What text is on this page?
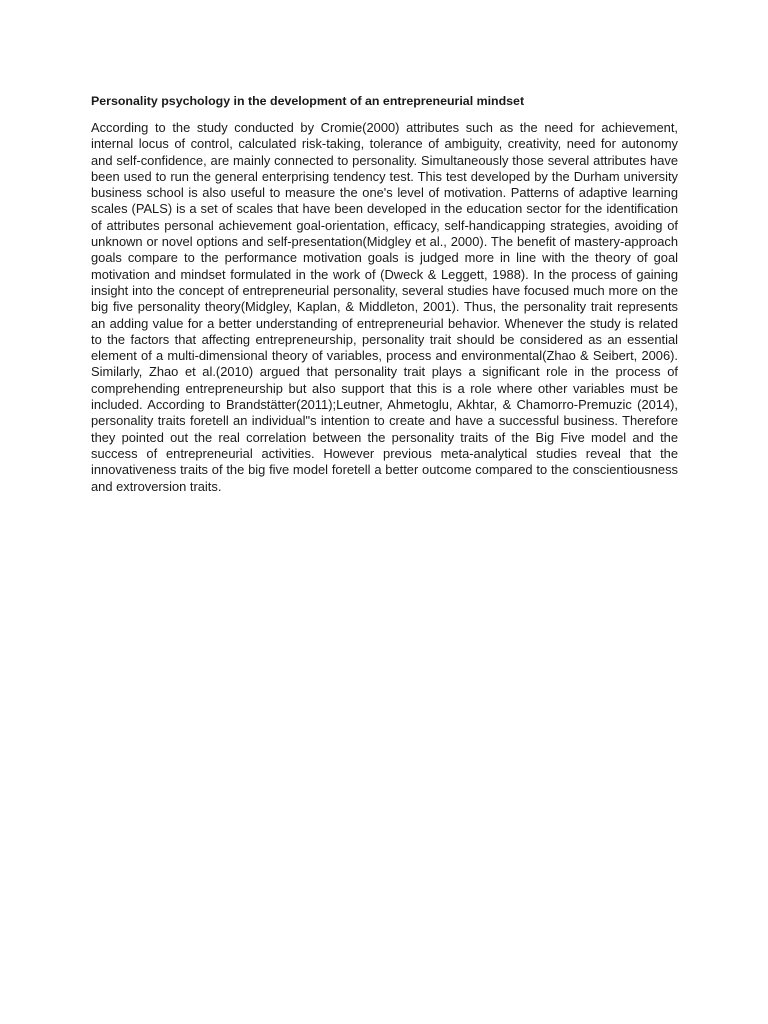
Personality psychology in the development of an entrepreneurial mindset

According to the study conducted by Cromie(2000) attributes such as the need for achievement, internal locus of control, calculated risk-taking, tolerance of ambiguity, creativity, need for autonomy and self-confidence, are mainly connected to personality. Simultaneously those several attributes have been used to run the general enterprising tendency test. This test developed by the Durham university business school is also useful to measure the one's level of motivation. Patterns of adaptive learning scales (PALS) is a set of scales that have been developed in the education sector for the identification of attributes personal achievement goal-orientation, efficacy, self-handicapping strategies, avoiding of unknown or novel options and self-presentation(Midgley et al., 2000). The benefit of mastery-approach goals compare to the performance motivation goals is judged more in line with the theory of goal motivation and mindset formulated in the work of (Dweck & Leggett, 1988). In the process of gaining insight into the concept of entrepreneurial personality, several studies have focused much more on the big five personality theory(Midgley, Kaplan, & Middleton, 2001). Thus, the personality trait represents an adding value for a better understanding of entrepreneurial behavior. Whenever the study is related to the factors that affecting entrepreneurship, personality trait should be considered as an essential element of a multi-dimensional theory of variables, process and environmental(Zhao & Seibert, 2006). Similarly, Zhao et al.(2010) argued that personality trait plays a significant role in the process of comprehending entrepreneurship but also support that this is a role where other variables must be included. According to Brandstätter(2011);Leutner, Ahmetoglu, Akhtar, & Chamorro-Premuzic (2014), personality traits foretell an individual"s intention to create and have a successful business. Therefore they pointed out the real correlation between the personality traits of the Big Five model and the success of entrepreneurial activities. However previous meta-analytical studies reveal that the innovativeness traits of the big five model foretell a better outcome compared to the conscientiousness and extroversion traits.
